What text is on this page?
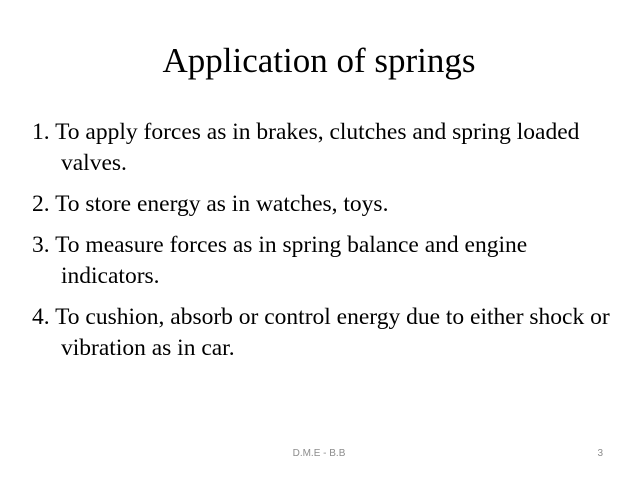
Application of springs
1. To apply forces as in brakes, clutches and spring loaded valves.
2. To store energy as in watches, toys.
3. To measure forces as in spring balance and engine indicators.
4. To cushion, absorb or control energy due to either shock or vibration as in car.
D.M.E - B.B	3
